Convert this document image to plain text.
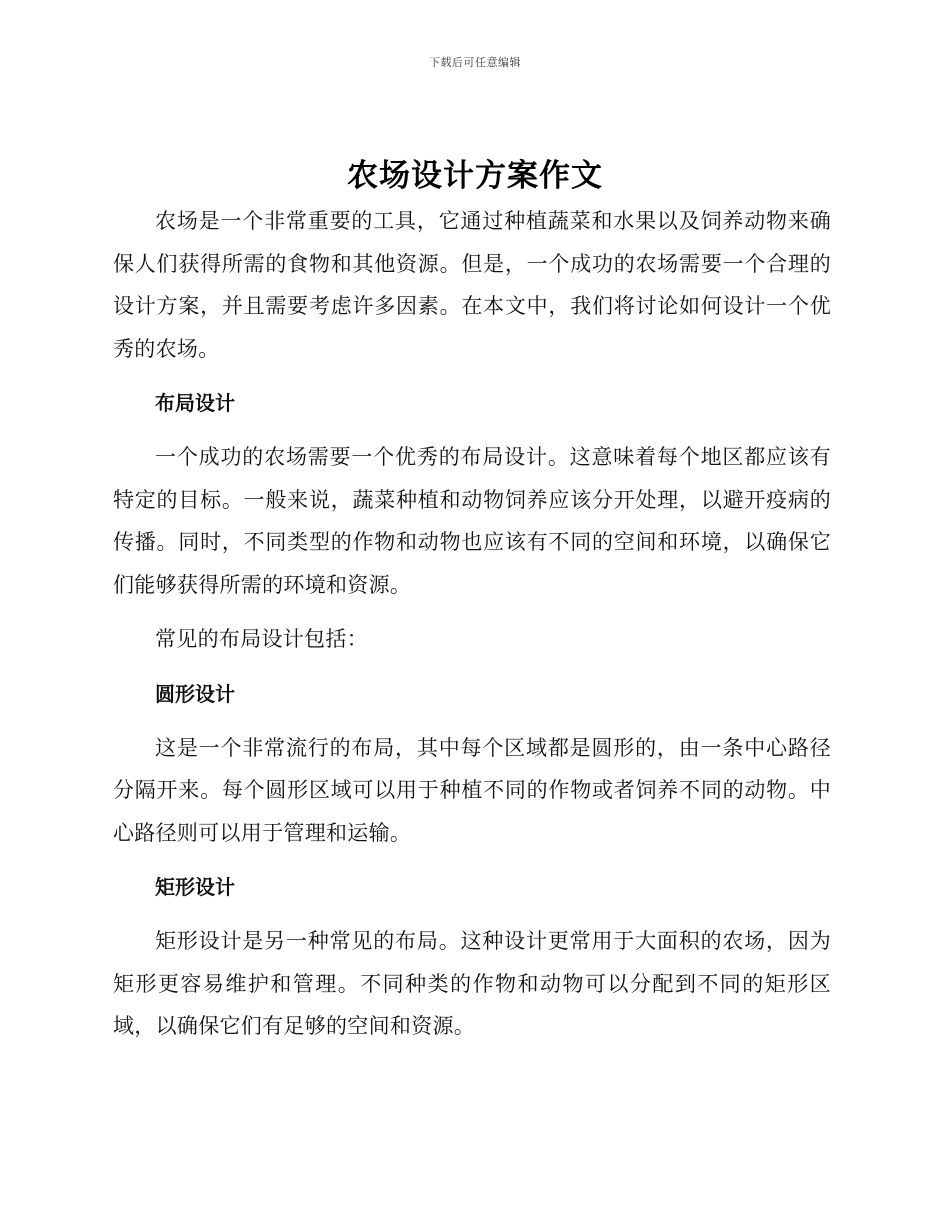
下载后可任意编辑
农场设计方案作文

农场是一个非常重要的工具，它通过种植蔬菜和水果以及饲养动物来确保人们获得所需的食物和其他资源。但是，一个成功的农场需要一个合理的设计方案，并且需要考虑许多因素。在本文中，我们将讨论如何设计一个优秀的农场。

布局设计

一个成功的农场需要一个优秀的布局设计。这意味着每个地区都应该有特定的目标。一般来说，蔬菜种植和动物饲养应该分开处理，以避开疫病的传播。同时，不同类型的作物和动物也应该有不同的空间和环境，以确保它们能够获得所需的环境和资源。

常见的布局设计包括：

圆形设计

这是一个非常流行的布局，其中每个区域都是圆形的，由一条中心路径分隔开来。每个圆形区域可以用于种植不同的作物或者饲养不同的动物。中心路径则可以用于管理和运输。

矩形设计

矩形设计是另一种常见的布局。这种设计更常用于大面积的农场，因为矩形更容易维护和管理。不同种类的作物和动物可以分配到不同的矩形区域，以确保它们有足够的空间和资源。
